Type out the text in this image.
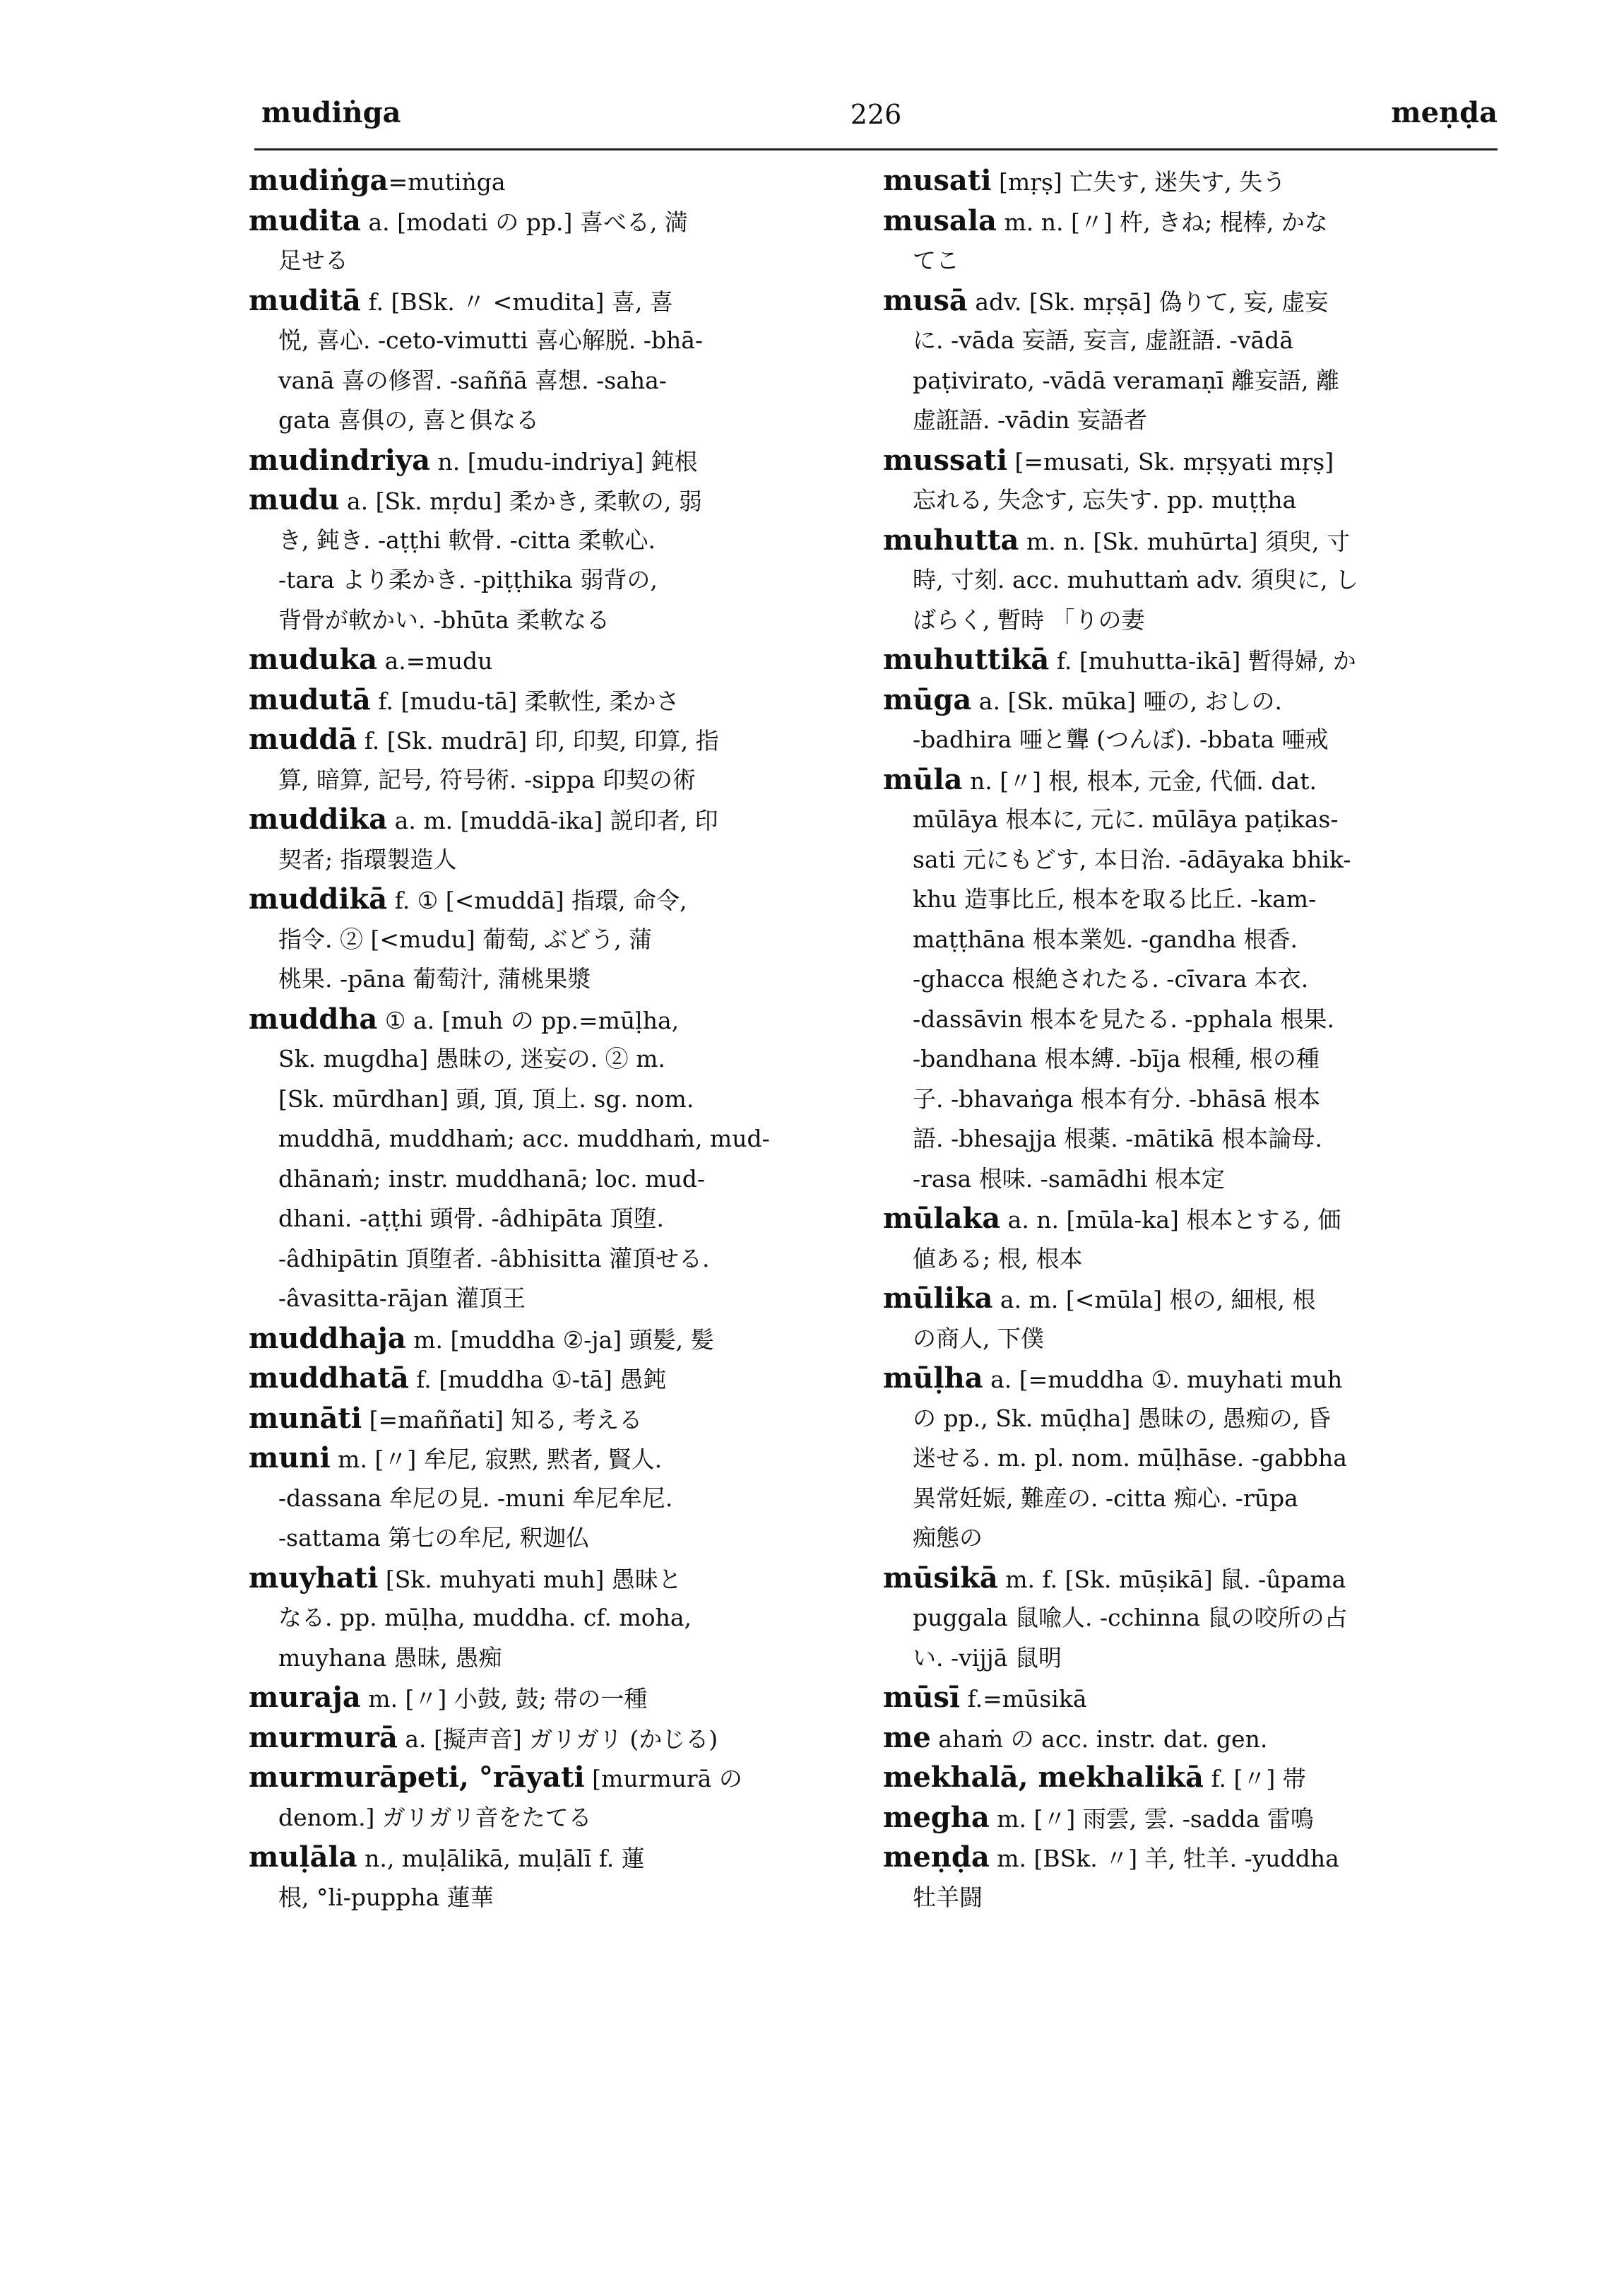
mudiṅga	226	meṇḍa
mudiṅga=mutiṅga
mudita a. [modati の pp.] 喜べる, 満
足せる
muditā f. [BSk. 〃 <mudita] 喜, 喜
悦, 喜心. -ceto-vimutti 喜心解脱. -bhā-
vanā 喜の修習. -saññā 喜想. -saha-
gata 喜俱の, 喜と俱なる
mudindriya n. [mudu-indriya] 鈍根
mudu a. [Sk. mṛdu] 柔かき, 柔軟の, 弱
き, 鈍き. -aṭṭhi 軟骨. -citta 柔軟心.
-tara より柔かき. -piṭṭhika 弱背の,
背骨が軟かい. -bhūta 柔軟なる
muduka a.=mudu
mudutā f. [mudu-tā] 柔軟性, 柔かさ
muddā f. [Sk. mudrā] 印, 印契, 印算, 指
算, 暗算, 記号, 符号術. -sippa 印契の術
muddika a. m. [muddā-ika] 説印者, 印
契者; 指環製造人
muddikā f. ① [<muddā] 指環, 命令,
指令. ② [<mudu] 葡萄, ぶどう, 蒲
桃果. -pāna 葡萄汁, 蒲桃果漿
muddha ① a. [muh の pp.=mūḷha,
Sk. mugdha] 愚昧の, 迷妄の. ② m.
[Sk. mūrdhan] 頭, 頂, 頂上. sg. nom.
muddhā, muddhaṁ; acc. muddhaṁ, mud-
dhānaṁ; instr. muddhanā; loc. mud-
dhani. -aṭṭhi 頭骨. -âdhipāta 頂堕.
-âdhipātin 頂堕者. -âbhisitta 灌頂せる.
-âvasitta-rājan 灌頂王
muddhaja m. [muddha ②-ja] 頭髪, 髪
muddhatā f. [muddha ①-tā] 愚鈍
munāti [=maññati] 知る, 考える
muni m. [〃] 牟尼, 寂黙, 黙者, 賢人.
-dassana 牟尼の見. -muni 牟尼牟尼.
-sattama 第七の牟尼, 釈迦仏
muyhati [Sk. muhyati muh] 愚昧と
なる. pp. mūḷha, muddha. cf. moha,
muyhana 愚昧, 愚痴
muraja m. [〃] 小鼓, 鼓; 帯の一種
murmurā a. [擬声音] ガリガリ (かじる)
murmurāpeti, °rāyati [murmurā の
denom.] ガリガリ音をたてる
muḷāla n., muḷālikā, muḷālī f. 蓮
根, °li-puppha 蓮華
musati [mṛṣ] 亡失す, 迷失す, 失う
musala m. n. [〃] 杵, きね; 棍棒, かな
てこ
musā adv. [Sk. mṛṣā] 偽りて, 妄, 虚妄
に. -vāda 妄語, 妄言, 虚誑語. -vādā
paṭivirato, -vādā veramaṇī 離妄語, 離
虚誑語. -vādin 妄語者
mussati [=musati, Sk. mṛṣyati mṛṣ]
忘れる, 失念す, 忘失す. pp. muṭṭha
muhutta m. n. [Sk. muhūrta] 須臾, 寸
時, 寸刻. acc. muhuttaṁ adv. 須臾に, し
ばらく, 暫時 「りの妻
muhuttikā f. [muhutta-ikā] 暫得婦, か
mūga a. [Sk. mūka] 唖の, おしの.
-badhira 唖と聾 (つんぼ). -bbata 唖戒
mūla n. [〃] 根, 根本, 元金, 代価. dat.
mūlāya 根本に, 元に. mūlāya paṭikas-
sati 元にもどす, 本日治. -ādāyaka bhik-
khu 造事比丘, 根本を取る比丘. -kam-
maṭṭhāna 根本業処. -gandha 根香.
-ghacca 根絶されたる. -cīvara 本衣.
-dassāvin 根本を見たる. -pphala 根果.
-bandhana 根本縛. -bīja 根種, 根の種
子. -bhavaṅga 根本有分. -bhāsā 根本
語. -bhesajja 根薬. -mātikā 根本論母.
-rasa 根味. -samādhi 根本定
mūlaka a. n. [mūla-ka] 根本とする, 価
値ある; 根, 根本
mūlika a. m. [<mūla] 根の, 細根, 根
の商人, 下僕
mūḷha a. [=muddha ①. muyhati muh
の pp., Sk. mūḍha] 愚昧の, 愚痴の, 昏
迷せる. m. pl. nom. mūḷhāse. -gabbha
異常妊娠, 難産の. -citta 痴心. -rūpa
痴態の
mūsikā m. f. [Sk. mūṣikā] 鼠. -ûpama
puggala 鼠喩人. -cchinna 鼠の咬所の占
い. -vijjā 鼠明
mūsī f.=mūsikā
me ahaṁ の acc. instr. dat. gen.
mekhalā, mekhalikā f. [〃] 帯
megha m. [〃] 雨雲, 雲. -sadda 雷鳴
meṇḍa m. [BSk. 〃] 羊, 牡羊. -yuddha
牡羊闘
